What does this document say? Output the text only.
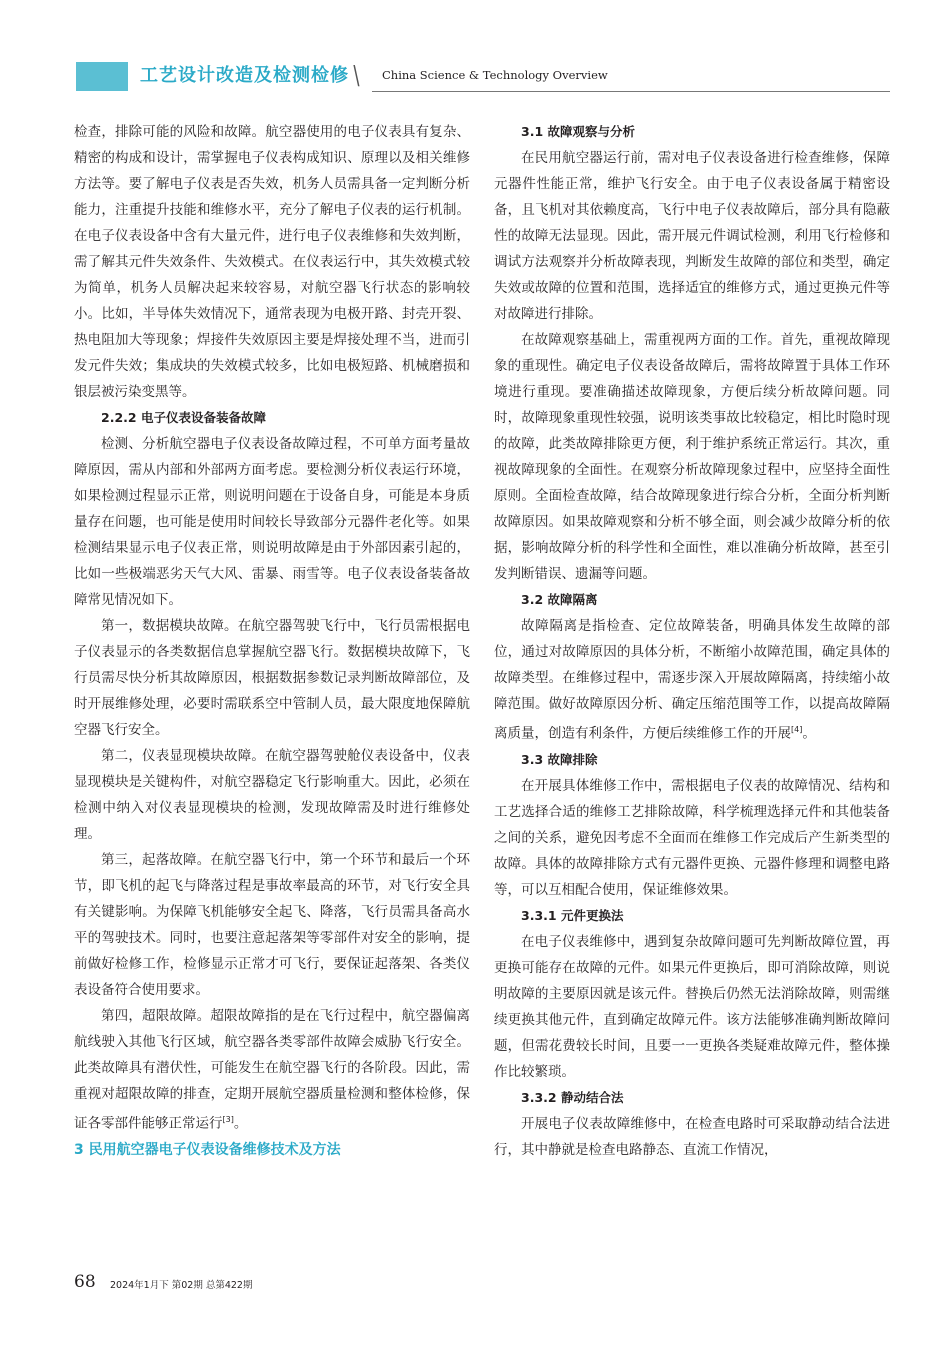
工艺设计改造及检测检修 \ China Science & Technology Overview

检查，排除可能的风险和故障。航空器使用的电子仪表具有复杂、精密的构成和设计，需掌握电子仪表构成知识、原理以及相关维修方法等。要了解电子仪表是否失效，机务人员需具备一定判断分析能力，注重提升技能和维修水平，充分了解电子仪表的运行机制。在电子仪表设备中含有大量元件，进行电子仪表维修和失效判断，需了解其元件失效条件、失效模式。在仪表运行中，其失效模式较为简单，机务人员解决起来较容易，对航空器飞行状态的影响较小。比如，半导体失效情况下，通常表现为电极开路、封壳开裂、热电阻加大等现象；焊接件失效原因主要是焊接处理不当，进而引发元件失效；集成块的失效模式较多，比如电极短路、机械磨损和银层被污染变黑等。

2.2.2 电子仪表设备装备故障

检测、分析航空器电子仪表设备故障过程，不可单方面考量故障原因，需从内部和外部两方面考虑。要检测分析仪表运行环境，如果检测过程显示正常，则说明问题在于设备自身，可能是本身质量存在问题，也可能是使用时间较长导致部分元器件老化等。如果检测结果显示电子仪表正常，则说明故障是由于外部因素引起的，比如一些极端恶劣天气大风、雷暴、雨雪等。电子仪表设备装备故障常见情况如下。

第一，数据模块故障。在航空器驾驶飞行中，飞行员需根据电子仪表显示的各类数据信息掌握航空器飞行。数据模块故障下，飞行员需尽快分析其故障原因，根据数据参数记录判断故障部位，及时开展维修处理，必要时需联系空中管制人员，最大限度地保障航空器飞行安全。

第二，仪表显现模块故障。在航空器驾驶舱仪表设备中，仪表显现模块是关键构件，对航空器稳定飞行影响重大。因此，必须在检测中纳入对仪表显现模块的检测，发现故障需及时进行维修处理。

第三，起落故障。在航空器飞行中，第一个环节和最后一个环节，即飞机的起飞与降落过程是事故率最高的环节，对飞行安全具有关键影响。为保障飞机能够安全起飞、降落，飞行员需具备高水平的驾驶技术。同时，也要注意起落架等零部件对安全的影响，提前做好检修工作，检修显示正常才可飞行，要保证起落架、各类仪表设备符合使用要求。

第四，超限故障。超限故障指的是在飞行过程中，航空器偏离航线驶入其他飞行区域，航空器各类零部件故障会威胁飞行安全。此类故障具有潜伏性，可能发生在航空器飞行的各阶段。因此，需重视对超限故障的排查，定期开展航空器质量检测和整体检修，保证各零部件能够正常运行[3]。

3 民用航空器电子仪表设备维修技术及方法
3.1 故障观察与分析

在民用航空器运行前，需对电子仪表设备进行检查维修，保障元器件性能正常，维护飞行安全。由于电子仪表设备属于精密设备，且飞机对其依赖度高，飞行中电子仪表故障后，部分具有隐蔽性的故障无法显现。因此，需开展元件调试检测，利用飞行检修和调试方法观察并分析故障表现，判断发生故障的部位和类型，确定失效或故障的位置和范围，选择适宜的维修方式，通过更换元件等对故障进行排除。

在故障观察基础上，需重视两方面的工作。首先，重视故障现象的重现性。确定电子仪表设备故障后，需将故障置于具体工作环境进行重现。要准确描述故障现象，方便后续分析故障问题。同时，故障现象重现性较强，说明该类事故比较稳定，相比时隐时现的故障，此类故障排除更方便，利于维护系统正常运行。其次，重视故障现象的全面性。在观察分析故障现象过程中，应坚持全面性原则。全面检查故障，结合故障现象进行综合分析，全面分析判断故障原因。如果故障观察和分析不够全面，则会减少故障分析的依据，影响故障分析的科学性和全面性，难以准确分析故障，甚至引发判断错误、遗漏等问题。

3.2 故障隔离

故障隔离是指检查、定位故障装备，明确具体发生故障的部位，通过对故障原因的具体分析，不断缩小故障范围，确定具体的故障类型。在维修过程中，需逐步深入开展故障隔离，持续缩小故障范围。做好故障原因分析、确定压缩范围等工作，以提高故障隔离质量，创造有利条件，方便后续维修工作的开展[4]。

3.3 故障排除

在开展具体维修工作中，需根据电子仪表的故障情况、结构和工艺选择合适的维修工艺排除故障，科学梳理选择元件和其他装备之间的关系，避免因考虑不全面而在维修工作完成后产生新类型的故障。具体的故障排除方式有元器件更换、元器件修理和调整电路等，可以互相配合使用，保证维修效果。

3.3.1 元件更换法

在电子仪表维修中，遇到复杂故障问题可先判断故障位置，再更换可能存在故障的元件。如果元件更换后，即可消除故障，则说明故障的主要原因就是该元件。替换后仍然无法消除故障，则需继续更换其他元件，直到确定故障元件。该方法能够准确判断故障问题，但需花费较长时间，且要一一更换各类疑难故障元件，整体操作比较繁琐。

3.3.2 静动结合法

开展电子仪表故障维修中，在检查电路时可采取静动结合法进行，其中静就是检查电路静态、直流工作情况，

68 2024年1月下 第02期 总第422期
